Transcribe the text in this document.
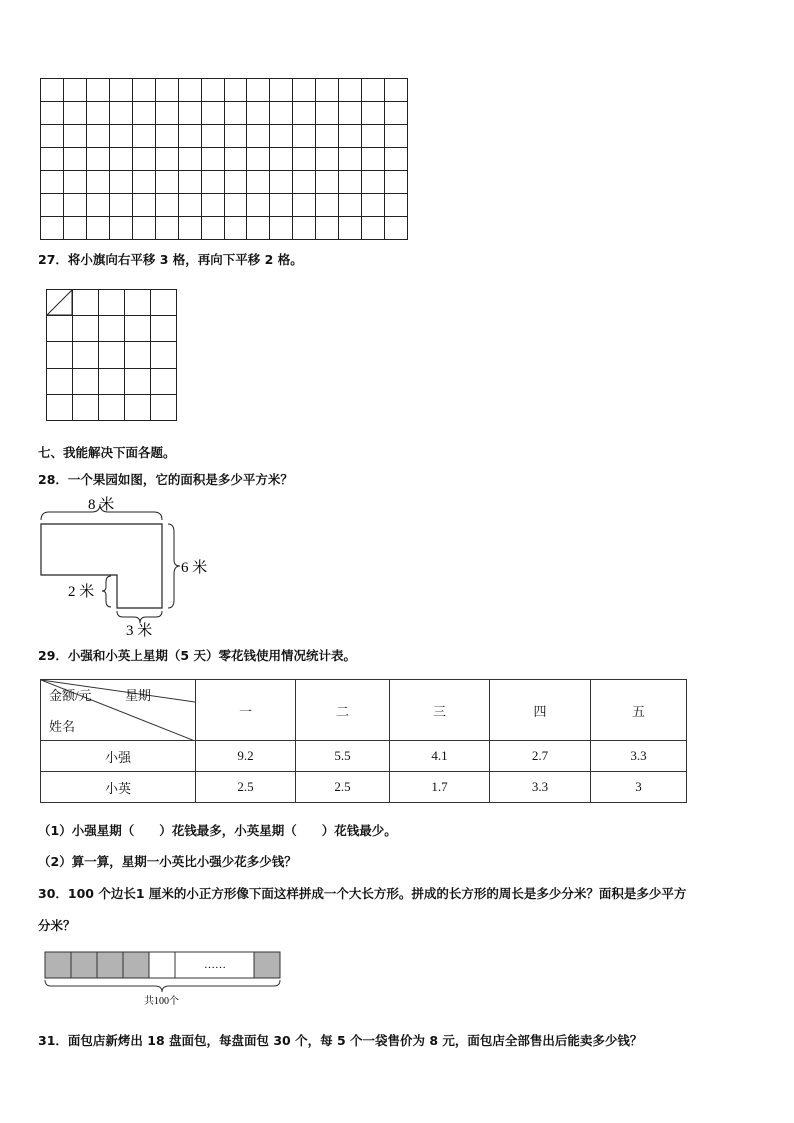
27．将小旗向右平移 3 格，再向下平移 2 格。

七、我能解决下面各题。
28．一个果园如图，它的面积是多少平方米？
8 米
6 米
2 米
3 米
29．小强和小英上星期（5 天）零花钱使用情况统计表。
金额/元 星期
姓名	一	二	三	四	五
小强	9.2	5.5	4.1	2.7	3.3
小英	2.5	2.5	1.7	3.3	3
（1）小强星期（　　）花钱最多，小英星期（　　）花钱最少。
（2）算一算，星期一小英比小强少花多少钱？
30．100 个边长1 厘米的小正方形像下面这样拼成一个大长方形。拼成的长方形的周长是多少分米？面积是多少平方
分米？
……
共100个
31．面包店新烤出 18 盘面包，每盘面包 30 个，每 5 个一袋售价为 8 元，面包店全部售出后能卖多少钱？
